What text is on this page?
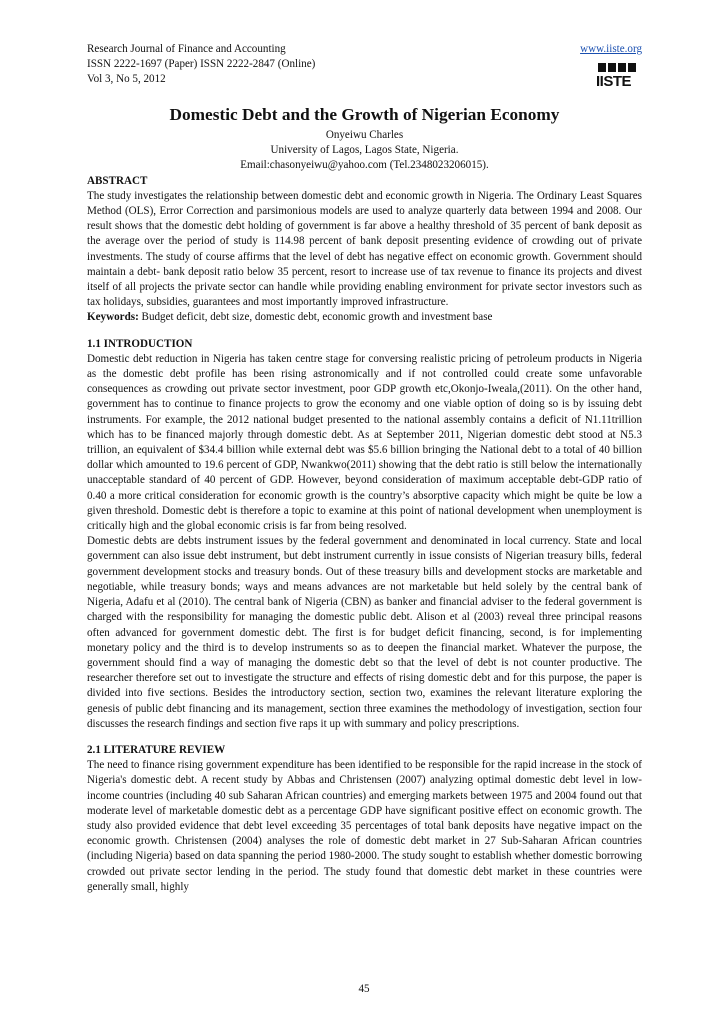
Research Journal of Finance and Accounting	www.iiste.org
ISSN 2222-1697 (Paper) ISSN 2222-2847 (Online)
Vol 3, No 5, 2012	IISTE
Domestic Debt and the Growth of Nigerian Economy
Onyeiwu Charles
University of Lagos, Lagos State, Nigeria.
Email:chasonyeiwu@yahoo.com (Tel.2348023206015).
ABSTRACT

The study investigates the relationship between domestic debt and economic growth in Nigeria. The Ordinary Least Squares Method (OLS), Error Correction and parsimonious models are used to analyze quarterly data between 1994 and 2008. Our result shows that the domestic debt holding of government is far above a healthy threshold of 35 percent of bank deposit as the average over the period of study is 114.98 percent of bank deposit presenting evidence of crowding out of private investments. The study of course affirms that the level of debt has negative effect on economic growth. Government should maintain a debt- bank deposit ratio below 35 percent, resort to increase use of tax revenue to finance its projects and divest itself of all projects the private sector can handle while providing enabling environment for private sector investors such as tax holidays, subsidies, guarantees and most importantly improved infrastructure.

Keywords: Budget deficit, debt size, domestic debt, economic growth and investment base

1.1 INTRODUCTION

Domestic debt reduction in Nigeria has taken centre stage for conversing realistic pricing of petroleum products in Nigeria as the domestic debt profile has been rising astronomically and if not controlled could create some unfavorable consequences as crowding out private sector investment, poor GDP growth etc,Okonjo-Iweala,(2011). On the other hand, government has to continue to finance projects to grow the economy and one viable option of doing so is by issuing debt instruments. For example, the 2012 national budget presented to the national assembly contains a deficit of N1.11trillion which has to be financed majorly through domestic debt. As at September 2011, Nigerian domestic debt stood at N5.3 trillion, an equivalent of $34.4 billion while external debt was $5.6 billion bringing the National debt to a total of 40 billion dollar which amounted to 19.6 percent of GDP, Nwankwo(2011) showing that the debt ratio is still below the internationally unacceptable standard of 40 percent of GDP. However, beyond consideration of maximum acceptable debt-GDP ratio of 0.40 a more critical consideration for economic growth is the country’s absorptive capacity which might be quite be low a given threshold. Domestic debt is therefore a topic to examine at this point of national development when unemployment is critically high and the global economic crisis is far from being resolved.

Domestic debts are debts instrument issues by the federal government and denominated in local currency. State and local government can also issue debt instrument, but debt instrument currently in issue consists of Nigerian treasury bills, federal government development stocks and treasury bonds. Out of these treasury bills and development stocks are marketable and negotiable, while treasury bonds; ways and means advances are not marketable but held solely by the central bank of Nigeria, Adafu et al (2010). The central bank of Nigeria (CBN) as banker and financial adviser to the federal government is charged with the responsibility for managing the domestic public debt. Alison et al (2003) reveal three principal reasons often advanced for government domestic debt. The first is for budget deficit financing, second, is for implementing monetary policy and the third is to develop instruments so as to deepen the financial market. Whatever the purpose, the government should find a way of managing the domestic debt so that the level of debt is not counter productive. The researcher therefore set out to investigate the structure and effects of rising domestic debt and for this purpose, the paper is divided into five sections. Besides the introductory section, section two, examines the relevant literature exploring the genesis of public debt financing and its management, section three examines the methodology of investigation, section four discusses the research findings and section five raps it up with summary and policy prescriptions.

2.1 LITERATURE REVIEW

The need to finance rising government expenditure has been identified to be responsible for the rapid increase in the stock of Nigeria's domestic debt. A recent study by Abbas and Christensen (2007) analyzing optimal domestic debt level in low-income countries (including 40 sub Saharan African countries) and emerging markets between 1975 and 2004 found out that moderate level of marketable domestic debt as a percentage GDP have significant positive effect on economic growth. The study also provided evidence that debt level exceeding 35 percentages of total bank deposits have negative impact on the economic growth. Christensen (2004) analyses the role of domestic debt market in 27 Sub-Saharan African countries (including Nigeria) based on data spanning the period 1980-2000. The study sought to establish whether domestic borrowing crowded out private sector lending in the period. The study found that domestic debt market in these countries were generally small, highly

45
